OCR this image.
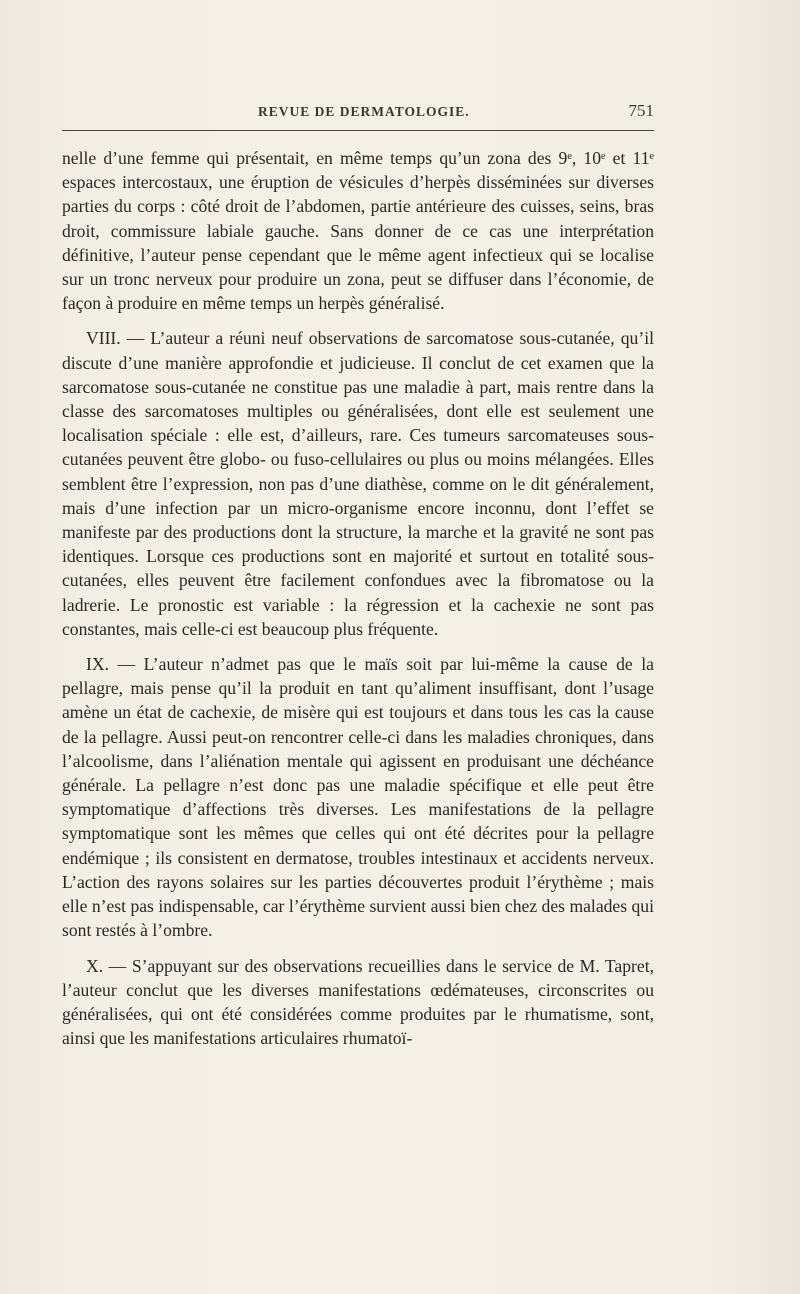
REVUE DE DERMATOLOGIE.	751

nelle d’une femme qui présentait, en même temps qu’un zona des 9ᵉ, 10ᵉ et 11ᵉ espaces intercostaux, une éruption de vésicules d’herpès disséminées sur diverses parties du corps : côté droit de l’abdomen, partie antérieure des cuisses, seins, bras droit, commissure labiale gauche. Sans donner de ce cas une interprétation définitive, l’auteur pense cependant que le même agent infectieux qui se localise sur un tronc nerveux pour produire un zona, peut se diffuser dans l’économie, de façon à produire en même temps un herpès généralisé.

VIII. — L’auteur a réuni neuf observations de sarcomatose sous-cutanée, qu’il discute d’une manière approfondie et judicieuse. Il conclut de cet examen que la sarcomatose sous-cutanée ne constitue pas une maladie à part, mais rentre dans la classe des sarcomatoses multiples ou généralisées, dont elle est seulement une localisation spéciale : elle est, d’ailleurs, rare. Ces tumeurs sarcomateuses sous-cutanées peuvent être globo- ou fuso-cellulaires ou plus ou moins mélangées. Elles semblent être l’expression, non pas d’une diathèse, comme on le dit généralement, mais d’une infection par un micro-organisme encore inconnu, dont l’effet se manifeste par des productions dont la structure, la marche et la gravité ne sont pas identiques. Lorsque ces productions sont en majorité et surtout en totalité sous-cutanées, elles peuvent être facilement confondues avec la fibromatose ou la ladrerie. Le pronostic est variable : la régression et la cachexie ne sont pas constantes, mais celle-ci est beaucoup plus fréquente.

IX. — L’auteur n’admet pas que le maïs soit par lui-même la cause de la pellagre, mais pense qu’il la produit en tant qu’aliment insuffisant, dont l’usage amène un état de cachexie, de misère qui est toujours et dans tous les cas la cause de la pellagre. Aussi peut-on rencontrer celle-ci dans les maladies chroniques, dans l’alcoolisme, dans l’aliénation mentale qui agissent en produisant une déchéance générale. La pellagre n’est donc pas une maladie spécifique et elle peut être symptomatique d’affections très diverses. Les manifestations de la pellagre symptomatique sont les mêmes que celles qui ont été décrites pour la pellagre endémique ; ils consistent en dermatose, troubles intestinaux et accidents nerveux. L’action des rayons solaires sur les parties découvertes produit l’érythème ; mais elle n’est pas indispensable, car l’érythème survient aussi bien chez des malades qui sont restés à l’ombre.

X. — S’appuyant sur des observations recueillies dans le service de M. Tapret, l’auteur conclut que les diverses manifestations œdémateuses, circonscrites ou généralisées, qui ont été considérées comme produites par le rhumatisme, sont, ainsi que les manifestations articulaires rhumatoï-
